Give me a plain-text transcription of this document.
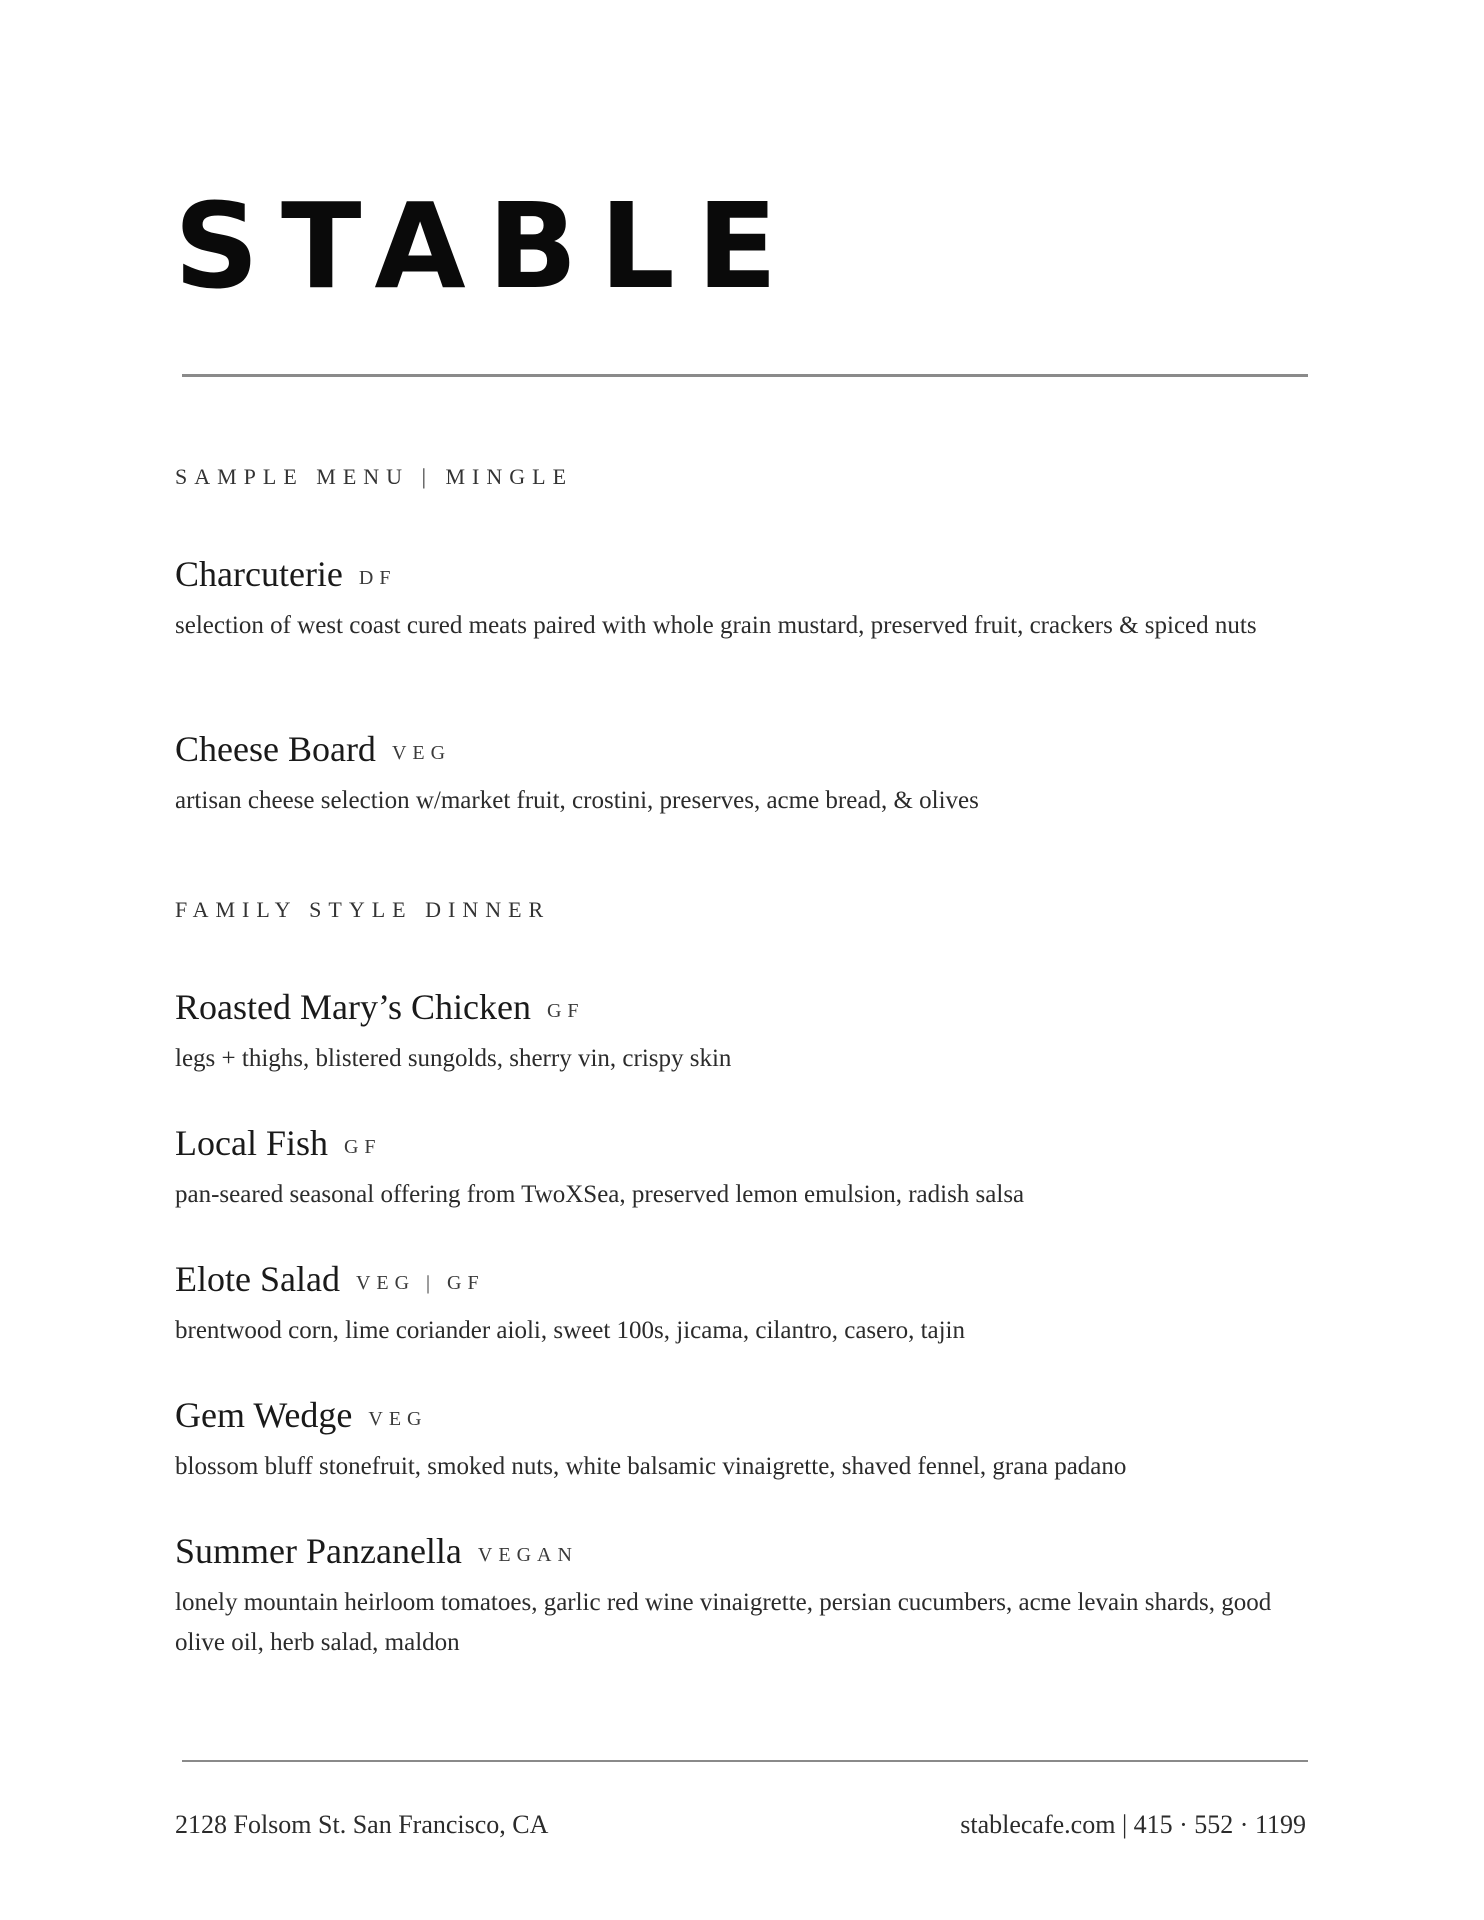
STABLE

SAMPLE MENU | MINGLE

Charcuterie DF

selection of west coast cured meats paired with whole grain mustard, preserved fruit, crackers & spiced nuts

Cheese Board VEG

artisan cheese selection w/market fruit, crostini, preserves, acme bread, & olives

FAMILY STYLE DINNER

Roasted Mary’s Chicken GF

legs + thighs, blistered sungolds, sherry vin, crispy skin

Local Fish GF

pan-seared seasonal offering from TwoXSea, preserved lemon emulsion, radish salsa

Elote Salad VEG | GF

brentwood corn, lime coriander aioli, sweet 100s, jicama, cilantro, casero, tajin

Gem Wedge VEG

blossom bluff stonefruit, smoked nuts, white balsamic vinaigrette, shaved fennel, grana padano

Summer Panzanella VEGAN

lonely mountain heirloom tomatoes, garlic red wine vinaigrette, persian cucumbers, acme levain shards, good olive oil, herb salad, maldon

2128 Folsom St. San Francisco, CA	stablecafe.com | 415 · 552 · 1199
